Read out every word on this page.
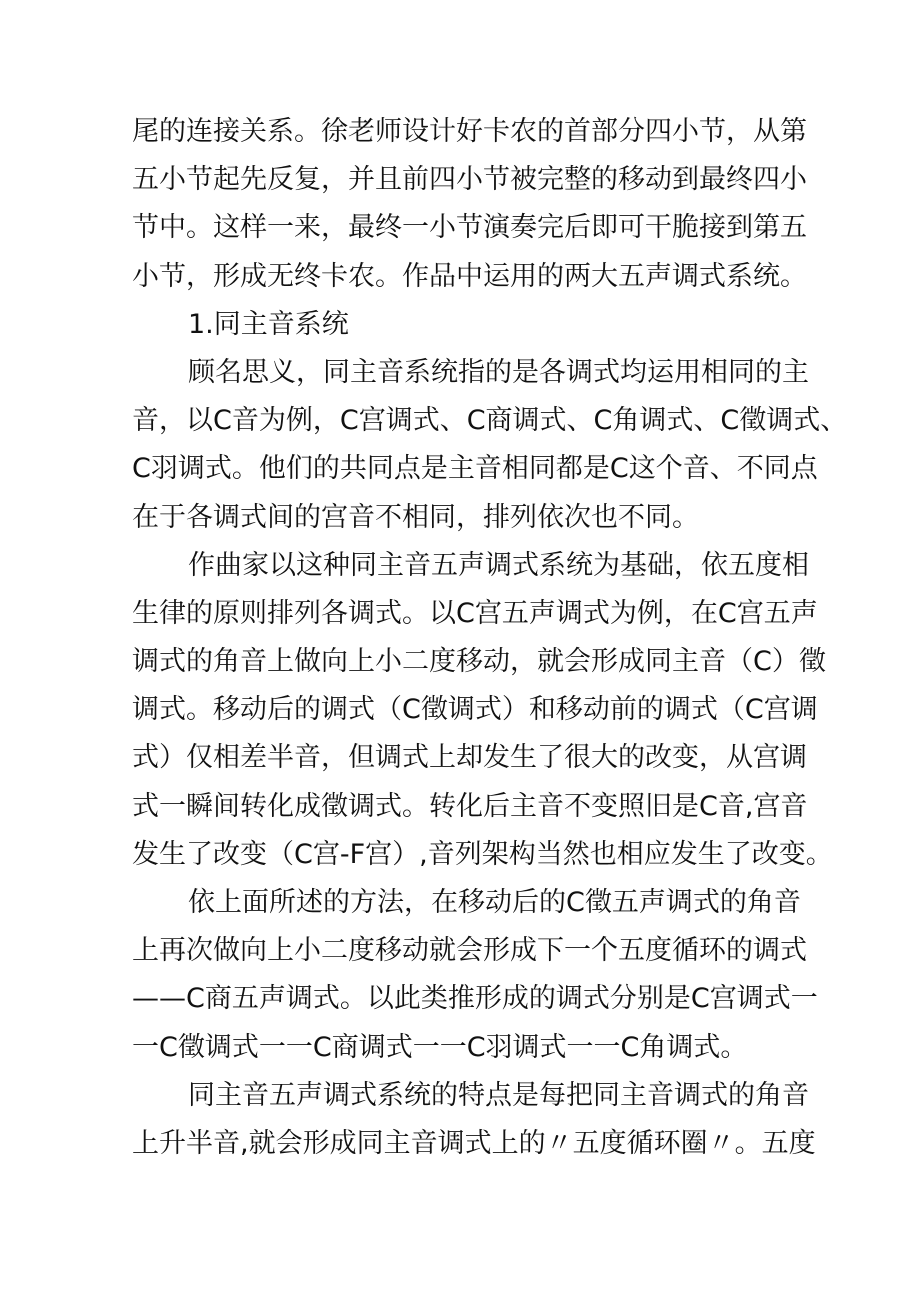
尾的连接关系。徐老师设计好卡农的首部分四小节，从第
五小节起先反复，并且前四小节被完整的移动到最终四小
节中。这样一来，最终一小节演奏完后即可干脆接到第五
小节，形成无终卡农。作品中运用的两大五声调式系统。
1.同主音系统
顾名思义，同主音系统指的是各调式均运用相同的主
音，以C音为例，C宫调式、C商调式、C角调式、C徵调式、
C羽调式。他们的共同点是主音相同都是C这个音、不同点
在于各调式间的宫音不相同，排列依次也不同。
作曲家以这种同主音五声调式系统为基础，依五度相
生律的原则排列各调式。以C宫五声调式为例，在C宫五声
调式的角音上做向上小二度移动，就会形成同主音（C）徵
调式。移动后的调式（C徵调式）和移动前的调式（C宫调
式）仅相差半音，但调式上却发生了很大的改变，从宫调
式一瞬间转化成徵调式。转化后主音不变照旧是C音,宫音
发生了改变（C宫-F宫）,音列架构当然也相应发生了改变。
依上面所述的方法，在移动后的C徵五声调式的角音
上再次做向上小二度移动就会形成下一个五度循环的调式
——C商五声调式。以此类推形成的调式分别是C宫调式一
一C徵调式一一C商调式一一C羽调式一一C角调式。
同主音五声调式系统的特点是每把同主音调式的角音
上升半音,就会形成同主音调式上的〃五度循环圈〃。五度
